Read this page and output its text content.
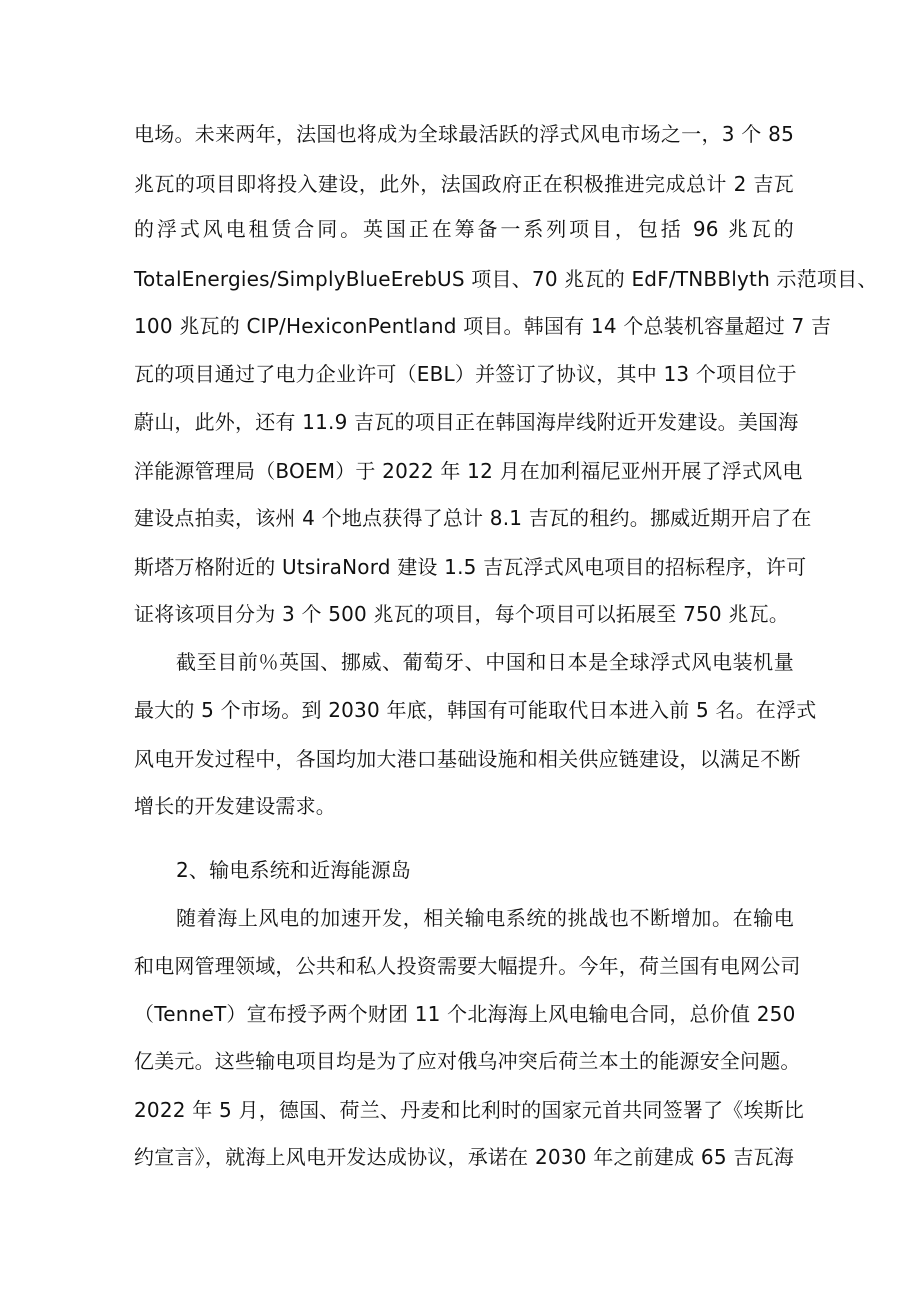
电场。未来两年，法国也将成为全球最活跃的浮式风电市场之一，3 个 85
兆瓦的项目即将投入建设，此外，法国政府正在积极推进完成总计 2 吉瓦
的浮式风电租赁合同。英国正在筹备一系列项目，包括 96 兆瓦的
TotalEnergies/SimplyBlueErebUS 项目、70 兆瓦的 EdF/TNBBlyth 示范项目、
100 兆瓦的 CIP/HexiconPentland 项目。韩国有 14 个总装机容量超过 7 吉
瓦的项目通过了电力企业许可（EBL）并签订了协议，其中 13 个项目位于
蔚山，此外，还有 11.9 吉瓦的项目正在韩国海岸线附近开发建设。美国海
洋能源管理局（BOEM）于 2022 年 12 月在加利福尼亚州开展了浮式风电
建设点拍卖，该州 4 个地点获得了总计 8.1 吉瓦的租约。挪威近期开启了在
斯塔万格附近的 UtsiraNord 建设 1.5 吉瓦浮式风电项目的招标程序，许可
证将该项目分为 3 个 500 兆瓦的项目，每个项目可以拓展至 750 兆瓦。
截至目前％英国、挪威、葡萄牙、中国和日本是全球浮式风电装机量
最大的 5 个市场。到 2030 年底，韩国有可能取代日本进入前 5 名。在浮式
风电开发过程中，各国均加大港口基础设施和相关供应链建设，以满足不断
增长的开发建设需求。
2、输电系统和近海能源岛
随着海上风电的加速开发，相关输电系统的挑战也不断增加。在输电
和电网管理领域，公共和私人投资需要大幅提升。今年，荷兰国有电网公司
（TenneT）宣布授予两个财团 11 个北海海上风电输电合同，总价值 250
亿美元。这些输电项目均是为了应对俄乌冲突后荷兰本土的能源安全问题。
2022 年 5 月，德国、荷兰、丹麦和比利时的国家元首共同签署了《埃斯比
约宣言》，就海上风电开发达成协议，承诺在 2030 年之前建成 65 吉瓦海
